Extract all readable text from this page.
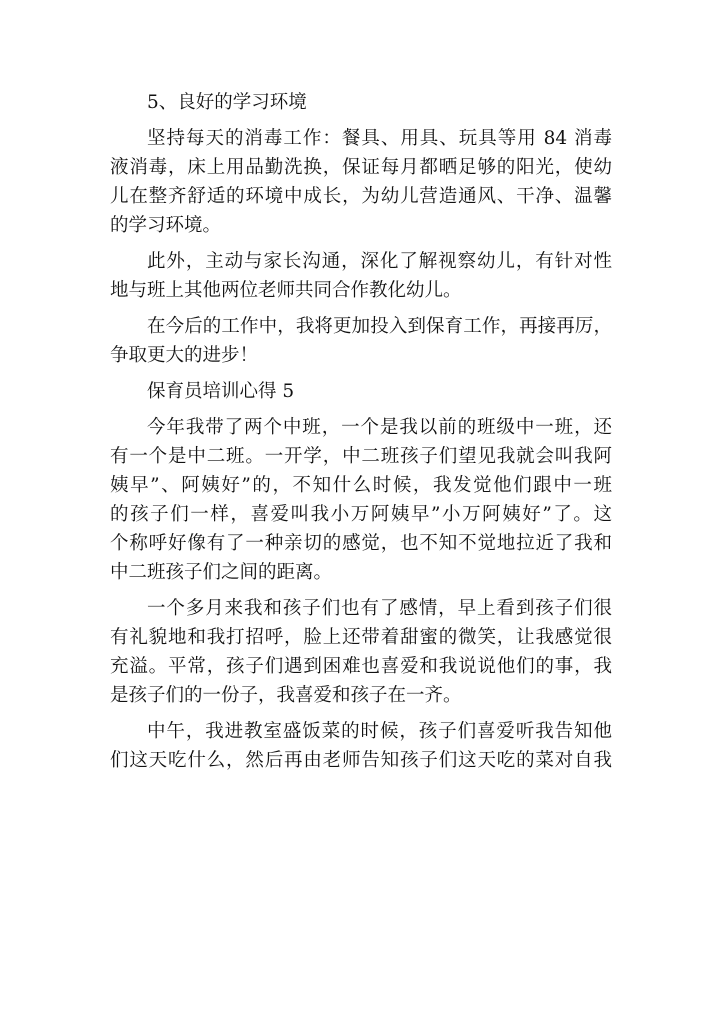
5、良好的学习环境

坚持每天的消毒工作：餐具、用具、玩具等用 84 消毒

液消毒，床上用品勤洗换，保证每月都晒足够的阳光，使幼

儿在整齐舒适的环境中成长，为幼儿营造通风、干净、温馨

的学习环境。

此外，主动与家长沟通，深化了解视察幼儿，有针对性

地与班上其他两位老师共同合作教化幼儿。

在今后的工作中，我将更加投入到保育工作，再接再厉，

争取更大的进步！

保育员培训心得 5

今年我带了两个中班，一个是我以前的班级中一班，还

有一个是中二班。一开学，中二班孩子们望见我就会叫我阿

姨早”、阿姨好”的，不知什么时候，我发觉他们跟中一班

的孩子们一样，喜爱叫我小万阿姨早”小万阿姨好”了。这

个称呼好像有了一种亲切的感觉，也不知不觉地拉近了我和

中二班孩子们之间的距离。

一个多月来我和孩子们也有了感情，早上看到孩子们很

有礼貌地和我打招呼，脸上还带着甜蜜的微笑，让我感觉很

充溢。平常，孩子们遇到困难也喜爱和我说说他们的事，我

是孩子们的一份子，我喜爱和孩子在一齐。

中午，我进教室盛饭菜的时候，孩子们喜爱听我告知他

们这天吃什么，然后再由老师告知孩子们这天吃的菜对自我
